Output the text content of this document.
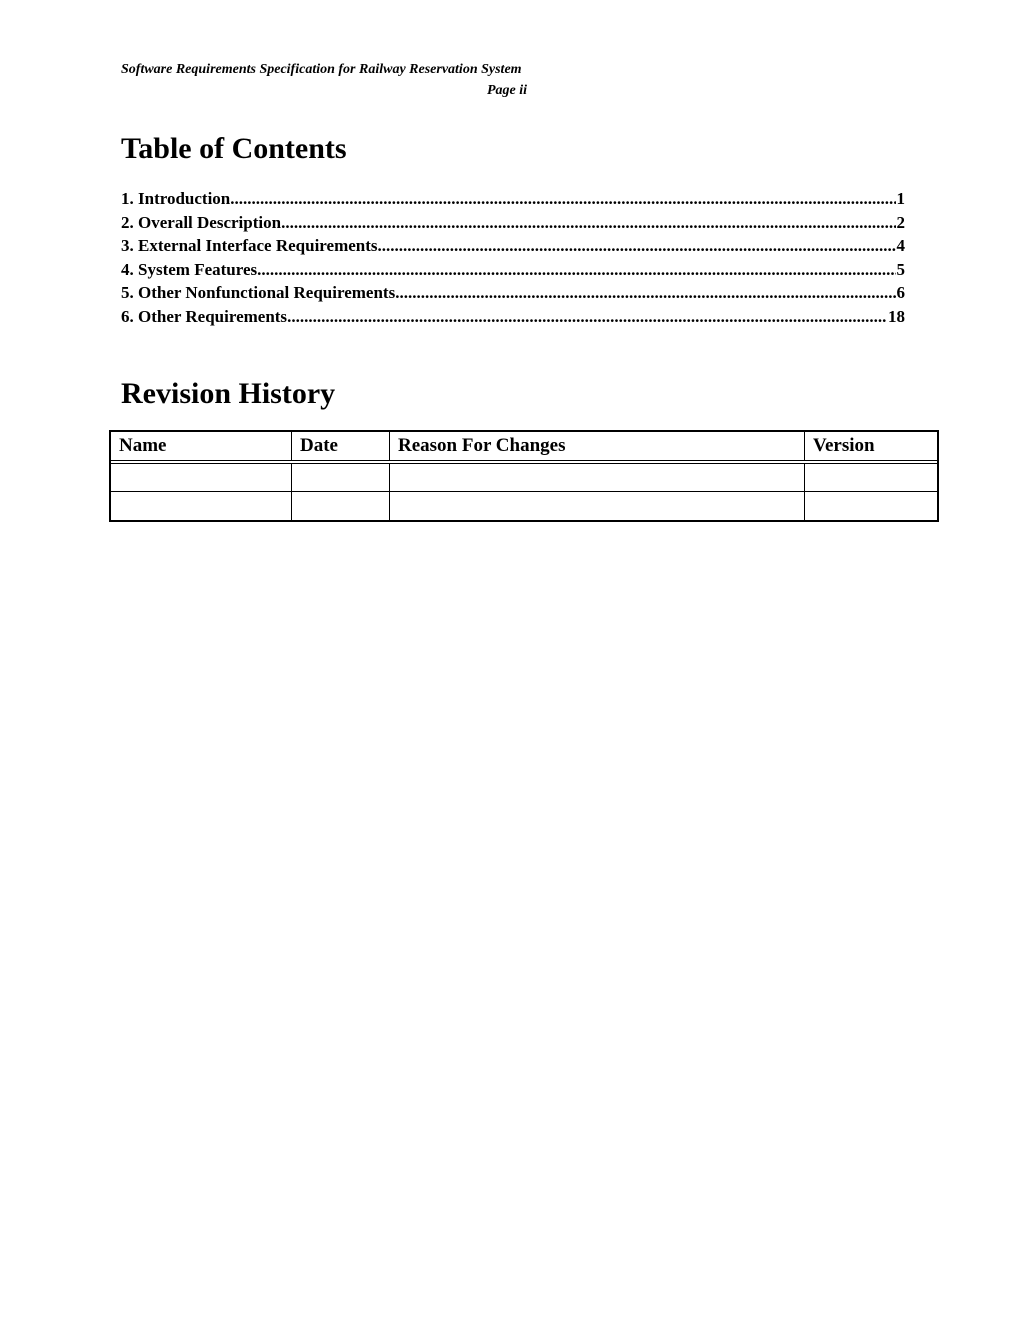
Software Requirements Specification for Railway Reservation System
Page ii
Table of Contents
1. Introduction .....	1
2. Overall Description .....	2
3. External Interface Requirements .....	4
4. System Features .....	5
5. Other Nonfunctional Requirements .....	6
6. Other Requirements .....	18
Revision History
Name	Date	Reason For Changes	Version
